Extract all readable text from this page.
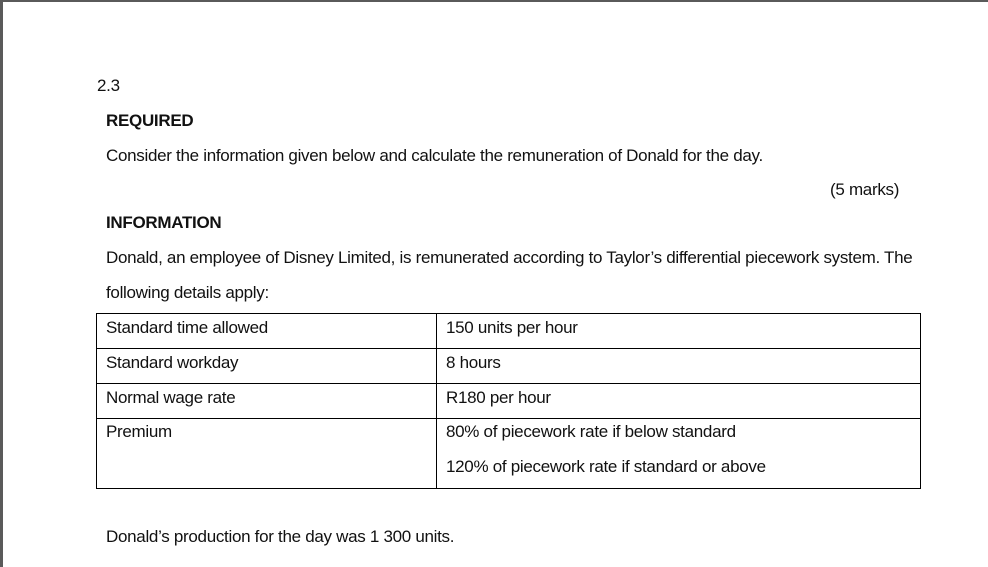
2.3
REQUIRED
Consider the information given below and calculate the remuneration of Donald for the day.
(5 marks)
INFORMATION
Donald, an employee of Disney Limited, is remunerated according to Taylor’s differential piecework system. The
following details apply:
Standard time allowed	150 units per hour
Standard workday	8 hours
Normal wage rate	R180 per hour
Premium	80% of piecework rate if below standard
120% of piecework rate if standard or above
Donald’s production for the day was 1 300 units.
